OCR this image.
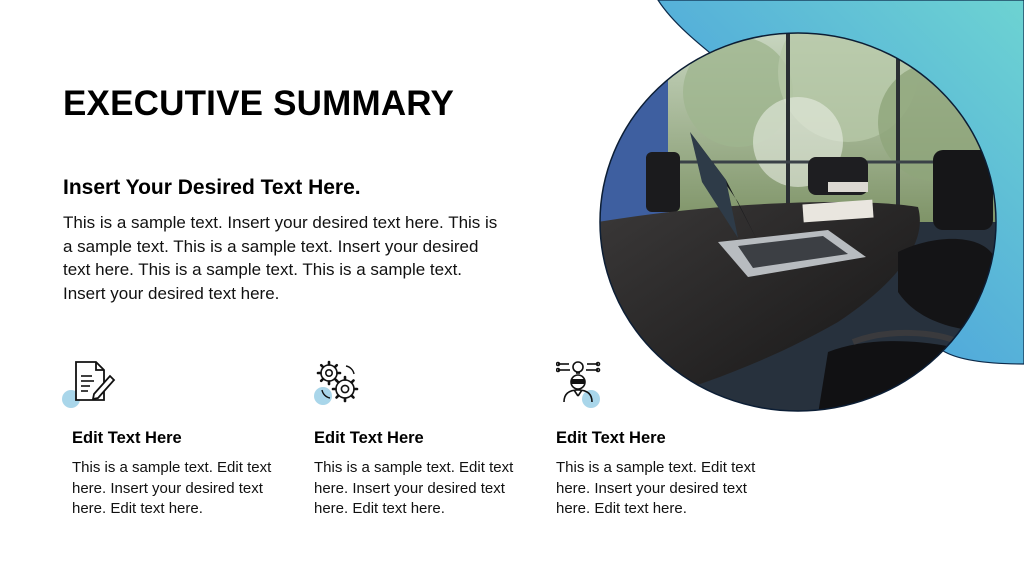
EXECUTIVE SUMMARY
Insert Your Desired Text Here.

This is a sample text. Insert your desired text here. This is a sample text. This is a sample text. Insert your desired text here. This is a sample text. This is a sample text. Insert your desired text here.

Edit Text Here

This is a sample text. Edit text here. Insert your desired text here. Edit text here.

Edit Text Here

This is a sample text. Edit text here. Insert your desired text here. Edit text here.

Edit Text Here

This is a sample text. Edit text here. Insert your desired text here. Edit text here.
